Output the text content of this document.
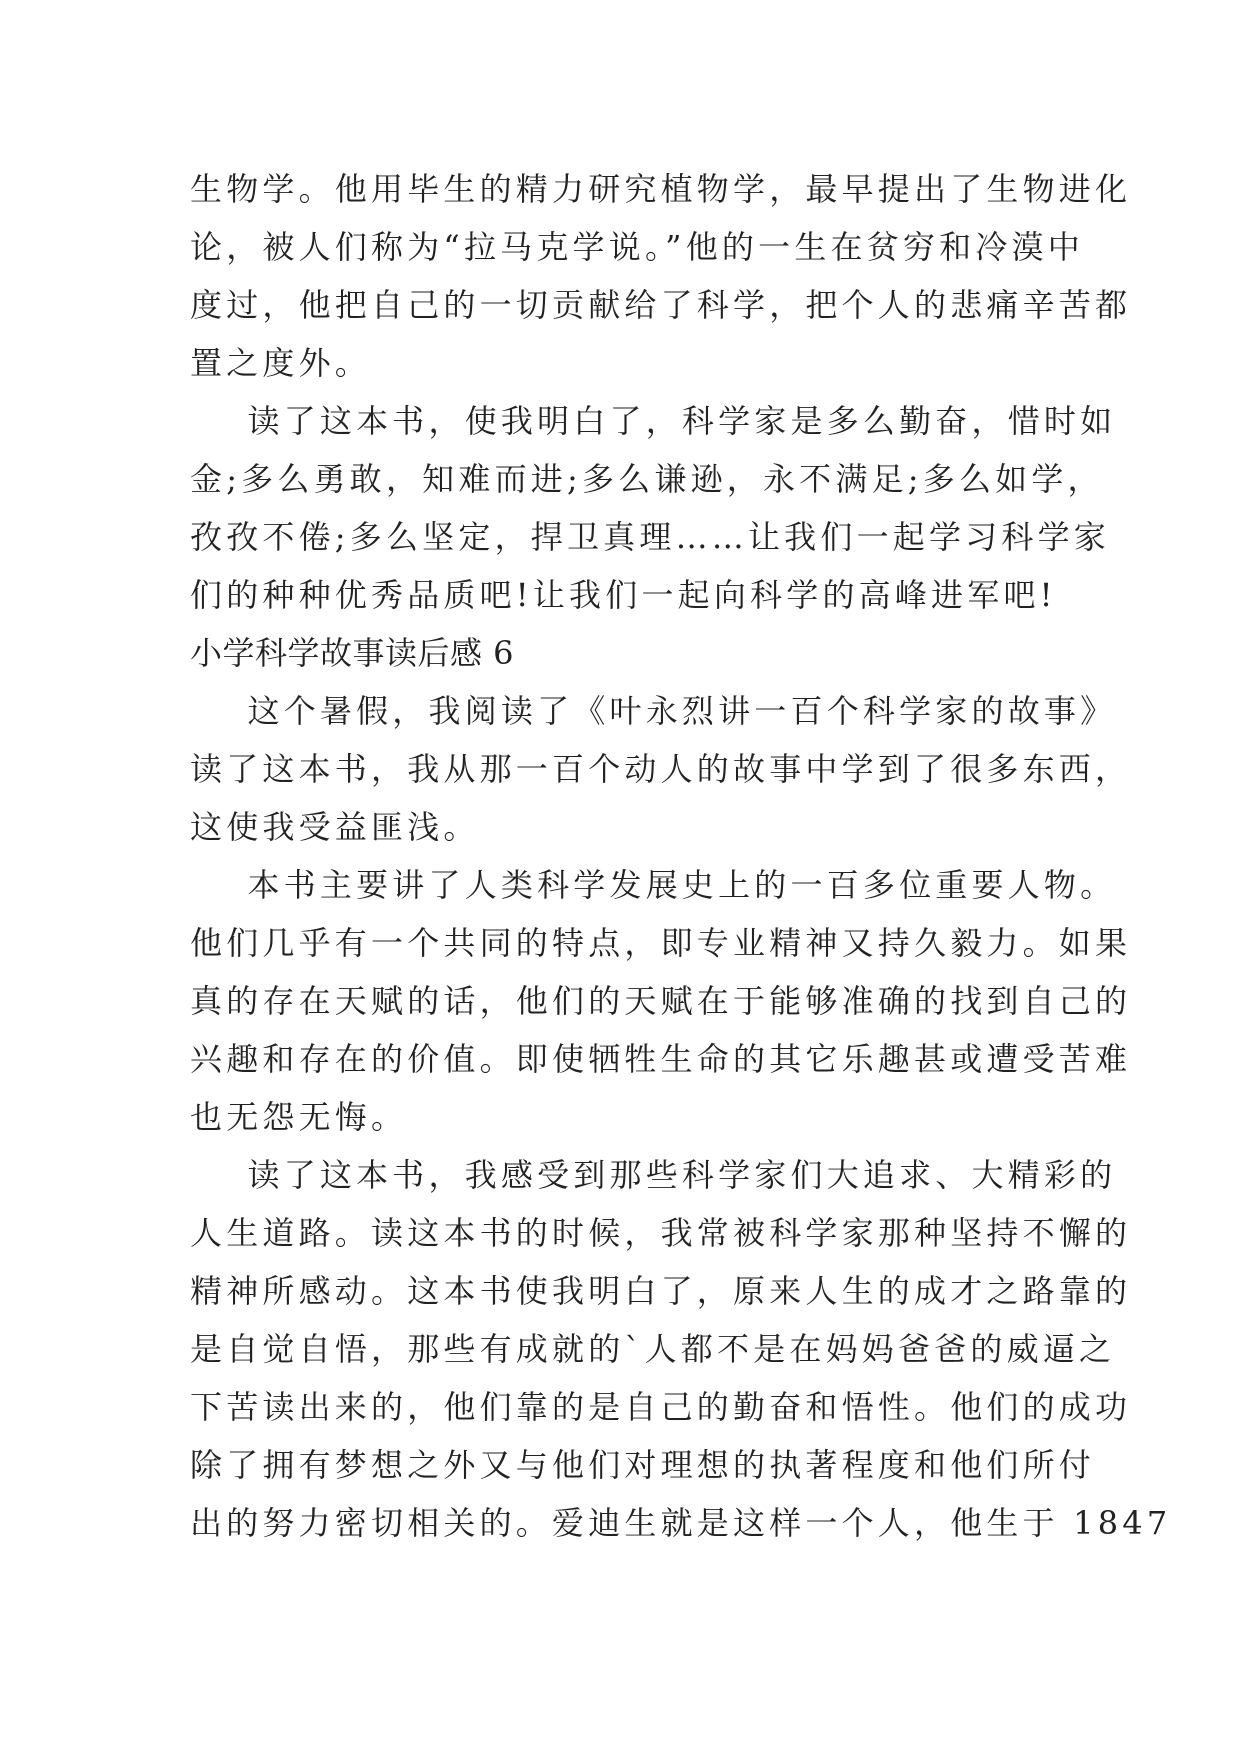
生物学。他用毕生的精力研究植物学，最早提出了生物进化
论，被人们称为“拉马克学说。”他的一生在贫穷和冷漠中
度过，他把自己的一切贡献给了科学，把个人的悲痛辛苦都
置之度外。
读了这本书，使我明白了，科学家是多么勤奋，惜时如
金;多么勇敢，知难而进;多么谦逊，永不满足;多么如学，
孜孜不倦;多么坚定，捍卫真理……让我们一起学习科学家
们的种种优秀品质吧!让我们一起向科学的高峰进军吧!
小学科学故事读后感 6
这个暑假，我阅读了《叶永烈讲一百个科学家的故事》
读了这本书，我从那一百个动人的故事中学到了很多东西，
这使我受益匪浅。
本书主要讲了人类科学发展史上的一百多位重要人物。
他们几乎有一个共同的特点，即专业精神又持久毅力。如果
真的存在天赋的话，他们的天赋在于能够准确的找到自己的
兴趣和存在的价值。即使牺牲生命的其它乐趣甚或遭受苦难
也无怨无悔。
读了这本书，我感受到那些科学家们大追求、大精彩的
人生道路。读这本书的时候，我常被科学家那种坚持不懈的
精神所感动。这本书使我明白了，原来人生的成才之路靠的
是自觉自悟，那些有成就的`人都不是在妈妈爸爸的威逼之
下苦读出来的，他们靠的是自己的勤奋和悟性。他们的成功
除了拥有梦想之外又与他们对理想的执著程度和他们所付
出的努力密切相关的。爱迪生就是这样一个人，他生于 1847
